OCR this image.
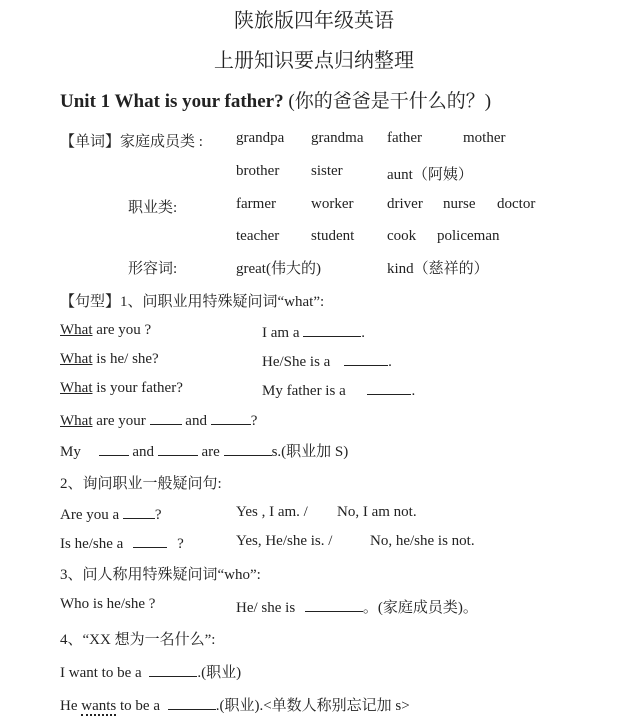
陕旅版四年级英语
上册知识要点归纳整理
Unit 1 What is your father? (你的爸爸是干什么的？)
【单词】家庭成员类 : grandpa grandma father	mother
brother sister	aunt（阿姨）
职业类:	farmer worker driver nurse doctor
teacher student cook policeman
形容词:	great(伟大的)	kind（慈祥的）
【句型】1、问职业用特殊疑问词“what”:
What are you ?	I am a	.
What is he/ she?	He/She is a	.
What is your father?	My father is a	.
What are your  and	?
My	and	are	s.(职业加 S)
2、询问职业一般疑问句:
Are you a ?	Yes , I am. / No, I am not.
Is he/she a	?	Yes, He/she is. /	No, he/she is not.
3、问人称用特殊疑问词“who”:
Who is he/she ?	He/ she is	。(家庭成员类)。
4、“XX 想为一名什么”:
I want to be a	.(职业)
He wants to be a	.(职业).<单数人称别忘记加 s>
